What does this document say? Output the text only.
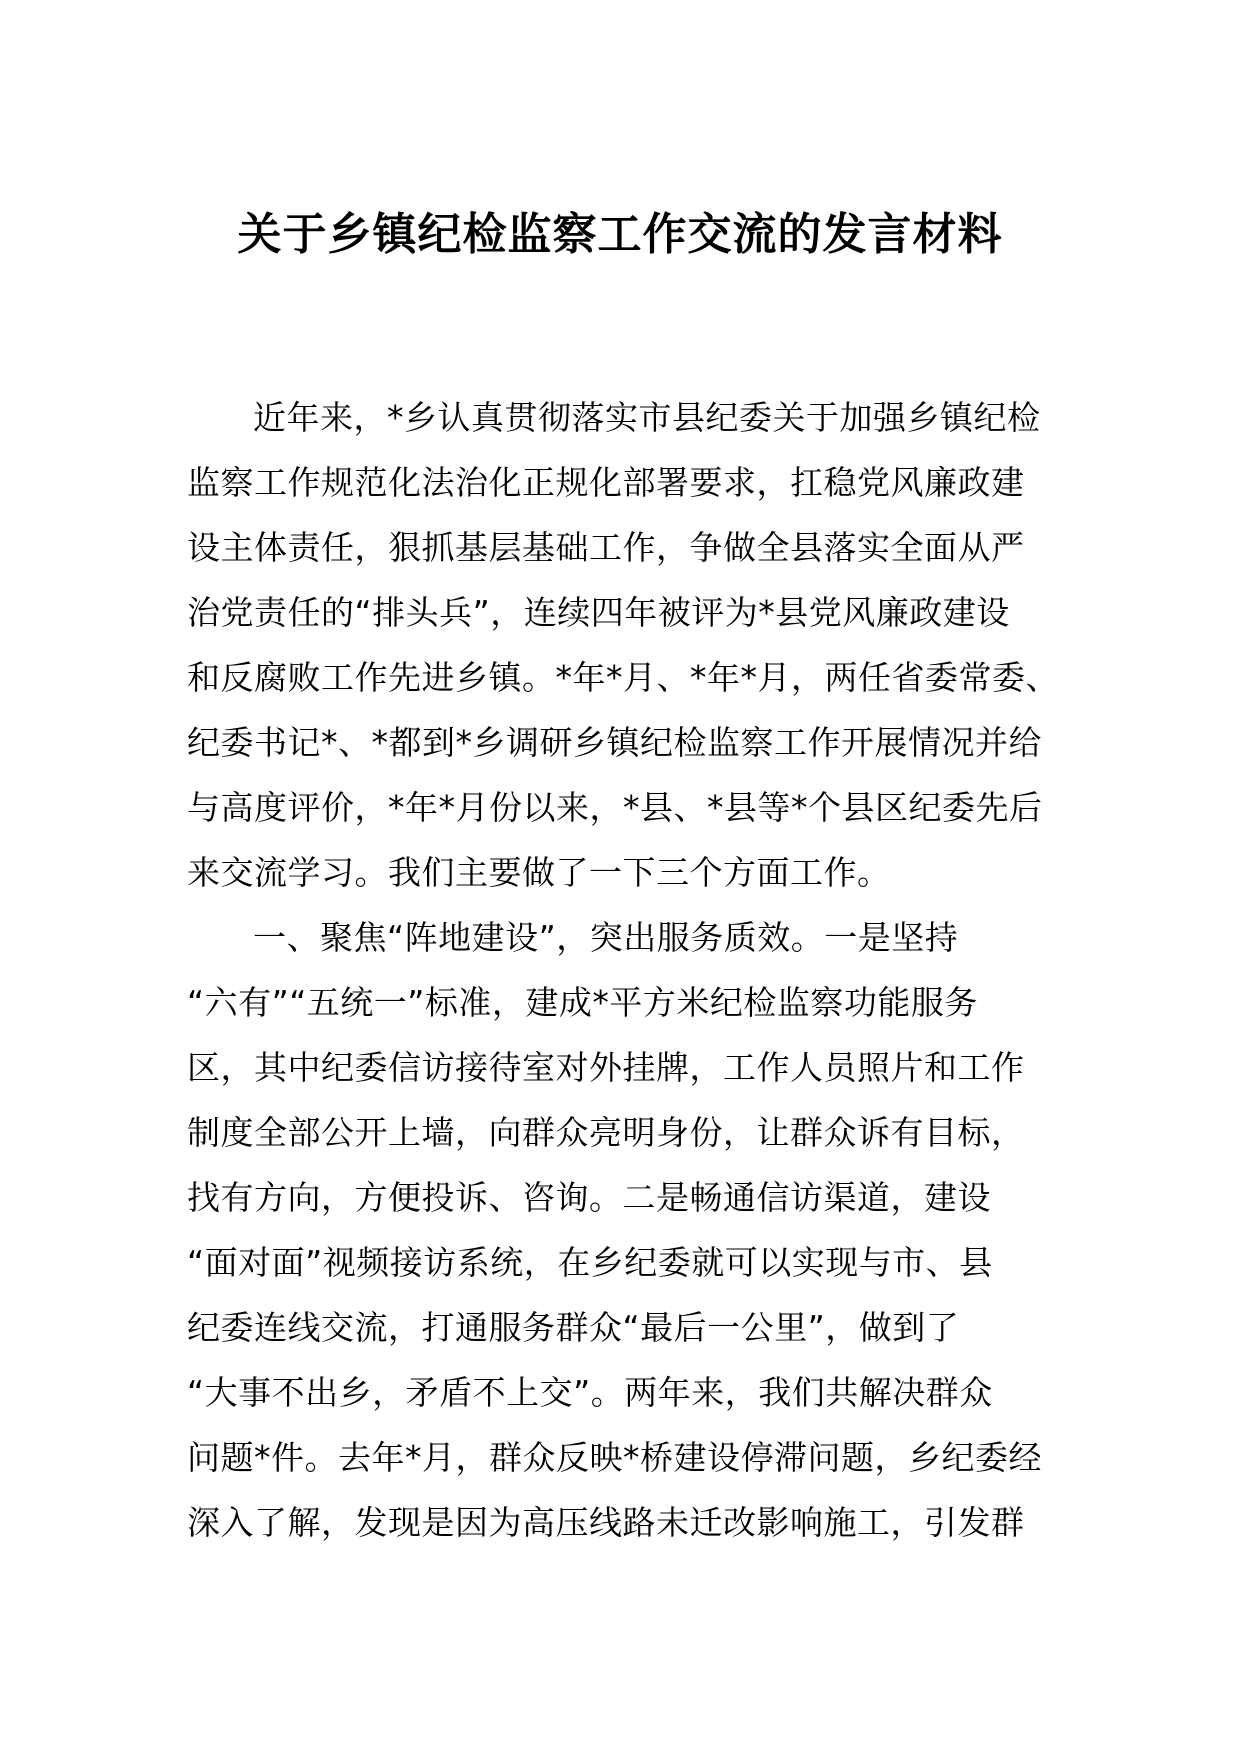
关于乡镇纪检监察工作交流的发言材料
近年来，*乡认真贯彻落实市县纪委关于加强乡镇纪检
监察工作规范化法治化正规化部署要求，扛稳党风廉政建
设主体责任，狠抓基层基础工作，争做全县落实全面从严
治党责任的“排头兵”，连续四年被评为*县党风廉政建设
和反腐败工作先进乡镇。*年*月、*年*月，两任省委常委、
纪委书记*、*都到*乡调研乡镇纪检监察工作开展情况并给
与高度评价，*年*月份以来，*县、*县等*个县区纪委先后
来交流学习。我们主要做了一下三个方面工作。
一、聚焦“阵地建设”，突出服务质效。一是坚持
“六有”“五统一”标准，建成*平方米纪检监察功能服务
区，其中纪委信访接待室对外挂牌，工作人员照片和工作
制度全部公开上墙，向群众亮明身份，让群众诉有目标，
找有方向，方便投诉、咨询。二是畅通信访渠道，建设
“面对面”视频接访系统，在乡纪委就可以实现与市、县
纪委连线交流，打通服务群众“最后一公里”，做到了
“大事不出乡，矛盾不上交”。两年来，我们共解决群众
问题*件。去年*月，群众反映*桥建设停滞问题，乡纪委经
深入了解，发现是因为高压线路未迁改影响施工，引发群
